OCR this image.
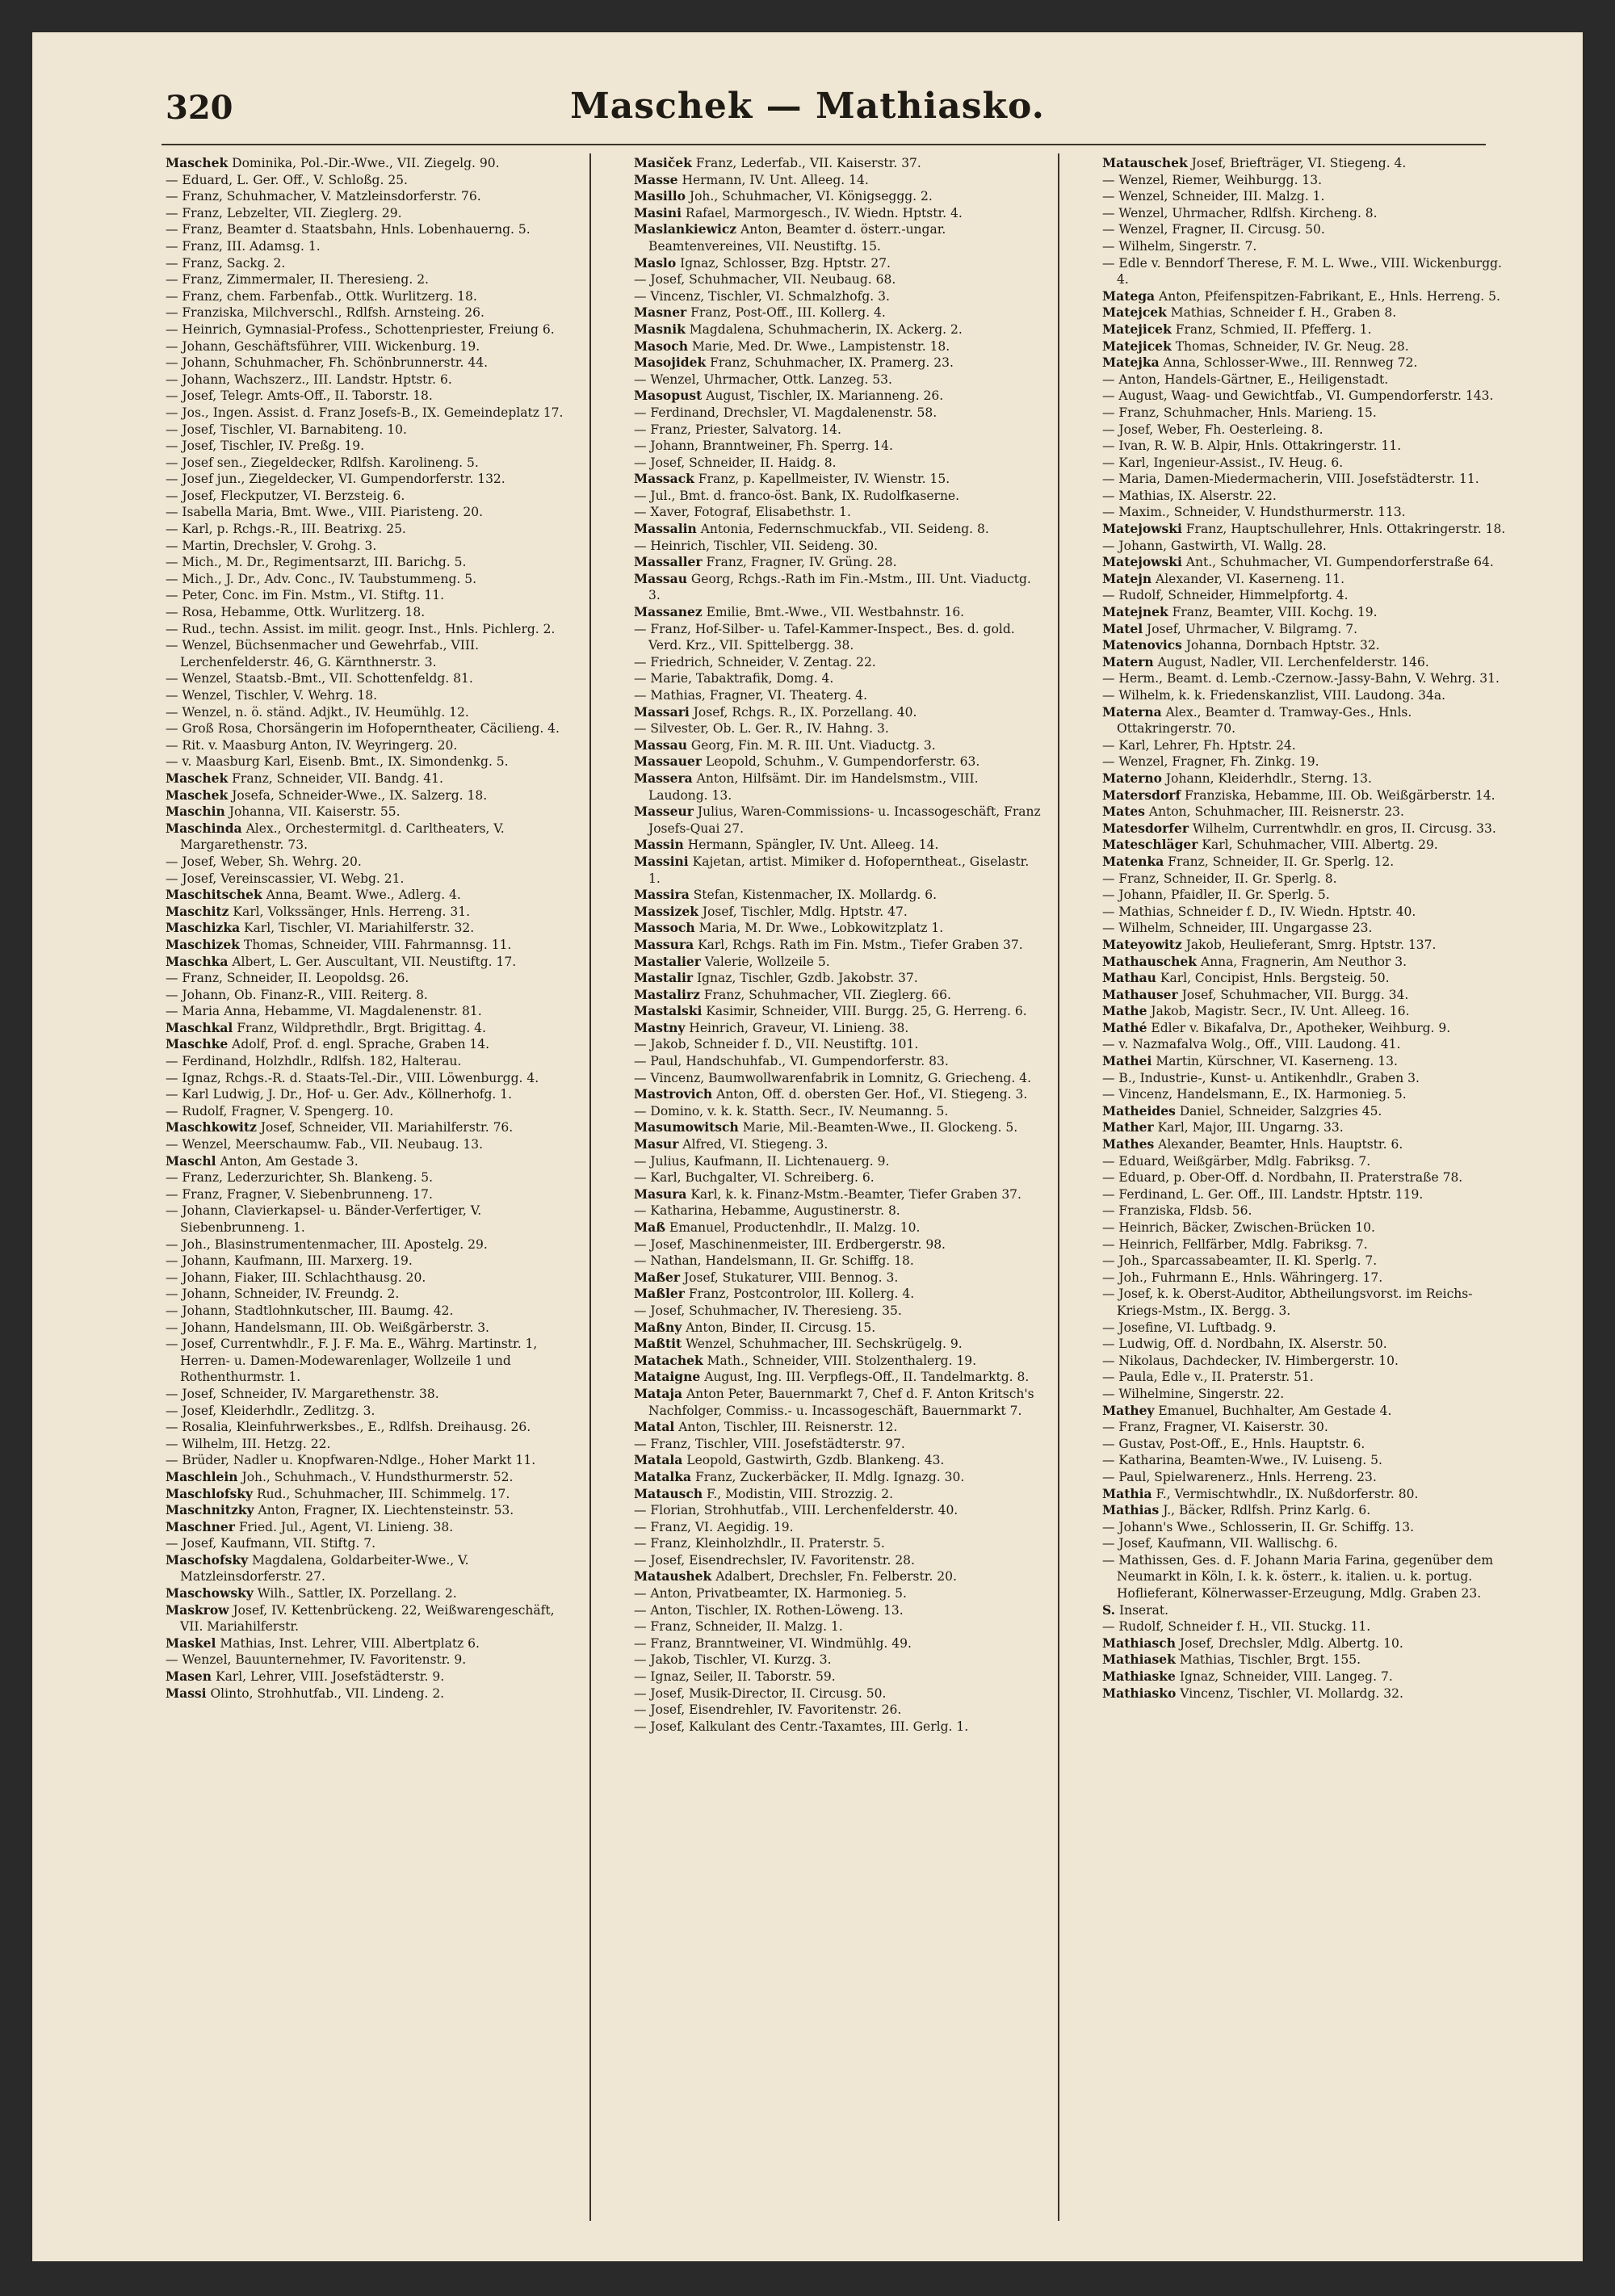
320	Maschek — Mathiasko.

Maschek Dominika, Pol.-Dir.-Wwe., VII. Ziegelg. 90.

— Eduard, L. Ger. Off., V. Schloßg. 25.

— Franz, Schuhmacher, V. Matzleinsdorferstr. 76.

— Franz, Lebzelter, VII. Zieglerg. 29.

— Franz, Beamter d. Staatsbahn, Hnls. Lobenhauerng. 5.

— Franz, III. Adamsg. 1.

— Franz, Sackg. 2.

— Franz, Zimmermaler, II. Theresieng. 2.

— Franz, chem. Farbenfab., Ottk. Wurlitzerg. 18.

— Franziska, Milchverschl., Rdlfsh. Arnsteing. 26.

— Heinrich, Gymnasial-Profess., Schottenpriester, Freiung 6.

— Johann, Geschäftsführer, VIII. Wickenburg. 19.

— Johann, Schuhmacher, Fh. Schönbrunnerstr. 44.

— Johann, Wachszerz., III. Landstr. Hptstr. 6.

— Josef, Telegr. Amts-Off., II. Taborstr. 18.

— Jos., Ingen. Assist. d. Franz Josefs-B., IX. Gemeindeplatz 17.

— Josef, Tischler, VI. Barnabiteng. 10.

— Josef, Tischler, IV. Preßg. 19.

— Josef sen., Ziegeldecker, Rdlfsh. Karolineng. 5.

— Josef jun., Ziegeldecker, VI. Gumpendorferstr. 132.

— Josef, Fleckputzer, VI. Berzsteig. 6.

— Isabella Maria, Bmt. Wwe., VIII. Piaristeng. 20.

— Karl, p. Rchgs.-R., III. Beatrixg. 25.

— Martin, Drechsler, V. Grohg. 3.

— Mich., M. Dr., Regimentsarzt, III. Barichg. 5.

— Mich., J. Dr., Adv. Conc., IV. Taubstummeng. 5.

— Peter, Conc. im Fin. Mstm., VI. Stiftg. 11.

— Rosa, Hebamme, Ottk. Wurlitzerg. 18.

— Rud., techn. Assist. im milit. geogr. Inst., Hnls. Pichlerg. 2.

— Wenzel, Büchsenmacher und Gewehrfab., VIII. Lerchenfelderstr. 46, G. Kärnthnerstr. 3.

— Wenzel, Staatsb.-Bmt., VII. Schottenfeldg. 81.

— Wenzel, Tischler, V. Wehrg. 18.

— Wenzel, n. ö. ständ. Adjkt., IV. Heumühlg. 12.

— Groß Rosa, Chorsängerin im Hofoperntheater, Cäcilieng. 4.

— Rit. v. Maasburg Anton, IV. Weyringerg. 20.

— v. Maasburg Karl, Eisenb. Bmt., IX. Simondenkg. 5.

Maschek Franz, Schneider, VII. Bandg. 41.

Maschek Josefa, Schneider-Wwe., IX. Salzerg. 18.

Maschin Johanna, VII. Kaiserstr. 55.

Maschinda Alex., Orchestermitgl. d. Carltheaters, V. Margarethenstr. 73.

— Josef, Weber, Sh. Wehrg. 20.

— Josef, Vereinscassier, VI. Webg. 21.

Maschitschek Anna, Beamt. Wwe., Adlerg. 4.

Maschitz Karl, Volkssänger, Hnls. Herreng. 31.

Maschizka Karl, Tischler, VI. Mariahilferstr. 32.

Maschizek Thomas, Schneider, VIII. Fahrmannsg. 11.

Maschka Albert, L. Ger. Auscultant, VII. Neustiftg. 17.

— Franz, Schneider, II. Leopoldsg. 26.

— Johann, Ob. Finanz-R., VIII. Reiterg. 8.

— Maria Anna, Hebamme, VI. Magdalenenstr. 81.

Maschkal Franz, Wildprethdlr., Brgt. Brigittag. 4.

Maschke Adolf, Prof. d. engl. Sprache, Graben 14.

— Ferdinand, Holzhdlr., Rdlfsh. 182, Halterau.

— Ignaz, Rchgs.-R. d. Staats-Tel.-Dir., VIII. Löwenburgg. 4.

— Karl Ludwig, J. Dr., Hof- u. Ger. Adv., Köllnerhofg. 1.

— Rudolf, Fragner, V. Spengerg. 10.

Maschkowitz Josef, Schneider, VII. Mariahilferstr. 76.

— Wenzel, Meerschaumw. Fab., VII. Neubaug. 13.

Maschl Anton, Am Gestade 3.

— Franz, Lederzurichter, Sh. Blankeng. 5.

— Franz, Fragner, V. Siebenbrunneng. 17.

— Johann, Clavierkapsel- u. Bänder-Verfertiger, V. Siebenbrunneng. 1.

— Joh., Blasinstrumentenmacher, III. Apostelg. 29.

— Johann, Kaufmann, III. Marxerg. 19.

— Johann, Fiaker, III. Schlachthausg. 20.

— Johann, Schneider, IV. Freundg. 2.

— Johann, Stadtlohnkutscher, III. Baumg. 42.

— Johann, Handelsmann, III. Ob. Weißgärberstr. 3.

— Josef, Currentwhdlr., F. J. F. Ma. E., Währg. Martinstr. 1, Herren- u. Damen-Modewarenlager, Wollzeile 1 und Rothenthurmstr. 1.

— Josef, Schneider, IV. Margarethenstr. 38.

— Josef, Kleiderhdlr., Zedlitzg. 3.

— Rosalia, Kleinfuhrwerksbes., E., Rdlfsh. Dreihausg. 26.

— Wilhelm, III. Hetzg. 22.

— Brüder, Nadler u. Knopfwaren-Ndlge., Hoher Markt 11.

Maschlein Joh., Schuhmach., V. Hundsthurmerstr. 52.

Maschlofsky Rud., Schuhmacher, III. Schimmelg. 17.

Maschnitzky Anton, Fragner, IX. Liechtensteinstr. 53.

Maschner Fried. Jul., Agent, VI. Linieng. 38.

— Josef, Kaufmann, VII. Stiftg. 7.

Maschofsky Magdalena, Goldarbeiter-Wwe., V. Matzleinsdorferstr. 27.

Maschowsky Wilh., Sattler, IX. Porzellang. 2.

Maskrow Josef, IV. Kettenbrückeng. 22, Weißwarengeschäft, VII. Mariahilferstr.

Maskel Mathias, Inst. Lehrer, VIII. Albertplatz 6.

— Wenzel, Bauunternehmer, IV. Favoritenstr. 9.

Masen Karl, Lehrer, VIII. Josefstädterstr. 9.

Massi Olinto, Strohhutfab., VII. Lindeng. 2.

Masiček Franz, Lederfab., VII. Kaiserstr. 37.

Masse Hermann, IV. Unt. Alleeg. 14.

Masillo Joh., Schuhmacher, VI. Königseggg. 2.

Masini Rafael, Marmorgesch., IV. Wiedn. Hptstr. 4.

Maslankiewicz Anton, Beamter d. österr.-ungar. Beamtenvereines, VII. Neustiftg. 15.

Maslo Ignaz, Schlosser, Bzg. Hptstr. 27.

— Josef, Schuhmacher, VII. Neubaug. 68.

— Vincenz, Tischler, VI. Schmalzhofg. 3.

Masner Franz, Post-Off., III. Kollerg. 4.

Masnik Magdalena, Schuhmacherin, IX. Ackerg. 2.

Masoch Marie, Med. Dr. Wwe., Lampistenstr. 18.

Masojidek Franz, Schuhmacher, IX. Pramerg. 23.

— Wenzel, Uhrmacher, Ottk. Lanzeg. 53.

Masopust August, Tischler, IX. Marianneng. 26.

— Ferdinand, Drechsler, VI. Magdalenenstr. 58.

— Franz, Priester, Salvatorg. 14.

— Johann, Branntweiner, Fh. Sperrg. 14.

— Josef, Schneider, II. Haidg. 8.

Massack Franz, p. Kapellmeister, IV. Wienstr. 15.

— Jul., Bmt. d. franco-öst. Bank, IX. Rudolfkaserne.

— Xaver, Fotograf, Elisabethstr. 1.

Massalin Antonia, Federnschmuckfab., VII. Seideng. 8.

— Heinrich, Tischler, VII. Seideng. 30.

Massaller Franz, Fragner, IV. Grüng. 28.

Massau Georg, Rchgs.-Rath im Fin.-Mstm., III. Unt. Viaductg. 3.

Massanez Emilie, Bmt.-Wwe., VII. Westbahnstr. 16.

— Franz, Hof-Silber- u. Tafel-Kammer-Inspect., Bes. d. gold. Verd. Krz., VII. Spittelbergg. 38.

— Friedrich, Schneider, V. Zentag. 22.

— Marie, Tabaktrafik, Domg. 4.

— Mathias, Fragner, VI. Theaterg. 4.

Massari Josef, Rchgs. R., IX. Porzellang. 40.

— Silvester, Ob. L. Ger. R., IV. Hahng. 3.

Massau Georg, Fin. M. R. III. Unt. Viaductg. 3.

Massauer Leopold, Schuhm., V. Gumpendorferstr. 63.

Massera Anton, Hilfsämt. Dir. im Handelsmstm., VIII. Laudong. 13.

Masseur Julius, Waren-Commissions- u. Incassogeschäft, Franz Josefs-Quai 27.

Massin Hermann, Spängler, IV. Unt. Alleeg. 14.

Massini Kajetan, artist. Mimiker d. Hofoperntheat., Giselastr. 1.

Massira Stefan, Kistenmacher, IX. Mollardg. 6.

Massizek Josef, Tischler, Mdlg. Hptstr. 47.

Massoch Maria, M. Dr. Wwe., Lobkowitzplatz 1.

Massura Karl, Rchgs. Rath im Fin. Mstm., Tiefer Graben 37.

Mastalier Valerie, Wollzeile 5.

Mastalir Ignaz, Tischler, Gzdb. Jakobstr. 37.

Mastalirz Franz, Schuhmacher, VII. Zieglerg. 66.

Mastalski Kasimir, Schneider, VIII. Burgg. 25, G. Herreng. 6.

Mastny Heinrich, Graveur, VI. Linieng. 38.

— Jakob, Schneider f. D., VII. Neustiftg. 101.

— Paul, Handschuhfab., VI. Gumpendorferstr. 83.

— Vincenz, Baumwollwarenfabrik in Lomnitz, G. Griecheng. 4.

Mastrovich Anton, Off. d. obersten Ger. Hof., VI. Stiegeng. 3.

— Domino, v. k. k. Statth. Secr., IV. Neumanng. 5.

Masumowitsch Marie, Mil.-Beamten-Wwe., II. Glockeng. 5.

Masur Alfred, VI. Stiegeng. 3.

— Julius, Kaufmann, II. Lichtenauerg. 9.

— Karl, Buchgalter, VI. Schreiberg. 6.

Masura Karl, k. k. Finanz-Mstm.-Beamter, Tiefer Graben 37.

— Katharina, Hebamme, Augustinerstr. 8.

Maß Emanuel, Productenhdlr., II. Malzg. 10.

— Josef, Maschinenmeister, III. Erdbergerstr. 98.

— Nathan, Handelsmann, II. Gr. Schiffg. 18.

Maßer Josef, Stukaturer, VIII. Bennog. 3.

Maßler Franz, Postcontrolor, III. Kollerg. 4.

— Josef, Schuhmacher, IV. Theresieng. 35.

Maßny Anton, Binder, II. Circusg. 15.

Maßtit Wenzel, Schuhmacher, III. Sechskrügelg. 9.

Matachek Math., Schneider, VIII. Stolzenthalerg. 19.

Mataigne August, Ing. III. Verpflegs-Off., II. Tandelmarktg. 8.

Mataja Anton Peter, Bauernmarkt 7, Chef d. F. Anton Kritsch's Nachfolger, Commiss.- u. Incassogeschäft, Bauernmarkt 7.

Matal Anton, Tischler, III. Reisnerstr. 12.

— Franz, Tischler, VIII. Josefstädterstr. 97.

Matala Leopold, Gastwirth, Gzdb. Blankeng. 43.

Matalka Franz, Zuckerbäcker, II. Mdlg. Ignazg. 30.

Matausch F., Modistin, VIII. Strozzig. 2.

— Florian, Strohhutfab., VIII. Lerchenfelderstr. 40.

— Franz, VI. Aegidig. 19.

— Franz, Kleinholzhdlr., II. Praterstr. 5.

— Josef, Eisendrechsler, IV. Favoritenstr. 28.

Mataushek Adalbert, Drechsler, Fn. Felberstr. 20.

— Anton, Privatbeamter, IX. Harmonieg. 5.

— Anton, Tischler, IX. Rothen-Löweng. 13.

— Franz, Schneider, II. Malzg. 1.

— Franz, Branntweiner, VI. Windmühlg. 49.

— Jakob, Tischler, VI. Kurzg. 3.

— Ignaz, Seiler, II. Taborstr. 59.

— Josef, Musik-Director, II. Circusg. 50.

— Josef, Eisendrehler, IV. Favoritenstr. 26.

— Josef, Kalkulant des Centr.-Taxamtes, III. Gerlg. 1.

Matauschek Josef, Briefträger, VI. Stiegeng. 4.

— Wenzel, Riemer, Weihburgg. 13.

— Wenzel, Schneider, III. Malzg. 1.

— Wenzel, Uhrmacher, Rdlfsh. Kircheng. 8.

— Wenzel, Fragner, II. Circusg. 50.

— Wilhelm, Singerstr. 7.

— Edle v. Benndorf Therese, F. M. L. Wwe., VIII. Wickenburgg. 4.

Matega Anton, Pfeifenspitzen-Fabrikant, E., Hnls. Herreng. 5.

Matejcek Mathias, Schneider f. H., Graben 8.

Matejicek Franz, Schmied, II. Pfefferg. 1.

Matejicek Thomas, Schneider, IV. Gr. Neug. 28.

Matejka Anna, Schlosser-Wwe., III. Rennweg 72.

— Anton, Handels-Gärtner, E., Heiligenstadt.

— August, Waag- und Gewichtfab., VI. Gumpendorferstr. 143.

— Franz, Schuhmacher, Hnls. Marieng. 15.

— Josef, Weber, Fh. Oesterleing. 8.

— Ivan, R. W. B. Alpir, Hnls. Ottakringerstr. 11.

— Karl, Ingenieur-Assist., IV. Heug. 6.

— Maria, Damen-Miedermacherin, VIII. Josefstädterstr. 11.

— Mathias, IX. Alserstr. 22.

— Maxim., Schneider, V. Hundsthurmerstr. 113.

Matejowski Franz, Hauptschullehrer, Hnls. Ottakringerstr. 18.

— Johann, Gastwirth, VI. Wallg. 28.

Matejowski Ant., Schuhmacher, VI. Gumpendorferstraße 64.

Matejn Alexander, VI. Kaserneng. 11.

— Rudolf, Schneider, Himmelpfortg. 4.

Matejnek Franz, Beamter, VIII. Kochg. 19.

Matel Josef, Uhrmacher, V. Bilgramg. 7.

Matenovics Johanna, Dornbach Hptstr. 32.

Matern August, Nadler, VII. Lerchenfelderstr. 146.

— Herm., Beamt. d. Lemb.-Czernow.-Jassy-Bahn, V. Wehrg. 31.

— Wilhelm, k. k. Friedenskanzlist, VIII. Laudong. 34a.

Materna Alex., Beamter d. Tramway-Ges., Hnls. Ottakringerstr. 70.

— Karl, Lehrer, Fh. Hptstr. 24.

— Wenzel, Fragner, Fh. Zinkg. 19.

Materno Johann, Kleiderhdlr., Sterng. 13.

Matersdorf Franziska, Hebamme, III. Ob. Weißgärberstr. 14.

Mates Anton, Schuhmacher, III. Reisnerstr. 23.

Matesdorfer Wilhelm, Currentwhdlr. en gros, II. Circusg. 33.

Mateschläger Karl, Schuhmacher, VIII. Albertg. 29.

Matenka Franz, Schneider, II. Gr. Sperlg. 12.

— Franz, Schneider, II. Gr. Sperlg. 8.

— Johann, Pfaidler, II. Gr. Sperlg. 5.

— Mathias, Schneider f. D., IV. Wiedn. Hptstr. 40.

— Wilhelm, Schneider, III. Ungargasse 23.

Mateyowitz Jakob, Heulieferant, Smrg. Hptstr. 137.

Mathauschek Anna, Fragnerin, Am Neuthor 3.

Mathau Karl, Concipist, Hnls. Bergsteig. 50.

Mathauser Josef, Schuhmacher, VII. Burgg. 34.

Mathe Jakob, Magistr. Secr., IV. Unt. Alleeg. 16.

Mathé Edler v. Bikafalva, Dr., Apotheker, Weihburg. 9.

— v. Nazmafalva Wolg., Off., VIII. Laudong. 41.

Mathei Martin, Kürschner, VI. Kaserneng. 13.

— B., Industrie-, Kunst- u. Antikenhdlr., Graben 3.

— Vincenz, Handelsmann, E., IX. Harmonieg. 5.

Matheides Daniel, Schneider, Salzgries 45.

Mather Karl, Major, III. Ungarng. 33.

Mathes Alexander, Beamter, Hnls. Hauptstr. 6.

— Eduard, Weißgärber, Mdlg. Fabriksg. 7.

— Eduard, p. Ober-Off. d. Nordbahn, II. Praterstraße 78.

— Ferdinand, L. Ger. Off., III. Landstr. Hptstr. 119.

— Franziska, Fldsb. 56.

— Heinrich, Bäcker, Zwischen-Brücken 10.

— Heinrich, Fellfärber, Mdlg. Fabriksg. 7.

— Joh., Sparcassabeamter, II. Kl. Sperlg. 7.

— Joh., Fuhrmann E., Hnls. Währingerg. 17.

— Josef, k. k. Oberst-Auditor, Abtheilungsvorst. im Reichs-Kriegs-Mstm., IX. Bergg. 3.

— Josefine, VI. Luftbadg. 9.

— Ludwig, Off. d. Nordbahn, IX. Alserstr. 50.

— Nikolaus, Dachdecker, IV. Himbergerstr. 10.

— Paula, Edle v., II. Praterstr. 51.

— Wilhelmine, Singerstr. 22.

Mathey Emanuel, Buchhalter, Am Gestade 4.

— Franz, Fragner, VI. Kaiserstr. 30.

— Gustav, Post-Off., E., Hnls. Hauptstr. 6.

— Katharina, Beamten-Wwe., IV. Luiseng. 5.

— Paul, Spielwarenerz., Hnls. Herreng. 23.

Mathia F., Vermischtwhdlr., IX. Nußdorferstr. 80.

Mathias J., Bäcker, Rdlfsh. Prinz Karlg. 6.

— Johann's Wwe., Schlosserin, II. Gr. Schiffg. 13.

— Josef, Kaufmann, VII. Wallischg. 6.

— Mathissen, Ges. d. F. Johann Maria Farina, gegenüber dem Neumarkt in Köln, I. k. k. österr., k. italien. u. k. portug. Hoflieferant, Kölnerwasser-Erzeugung, Mdlg. Graben 23.

S. Inserat.

— Rudolf, Schneider f. H., VII. Stuckg. 11.

Mathiasch Josef, Drechsler, Mdlg. Albertg. 10.

Mathiasek Mathias, Tischler, Brgt. 155.

Mathiaske Ignaz, Schneider, VIII. Langeg. 7.

Mathiasko Vincenz, Tischler, VI. Mollardg. 32.
